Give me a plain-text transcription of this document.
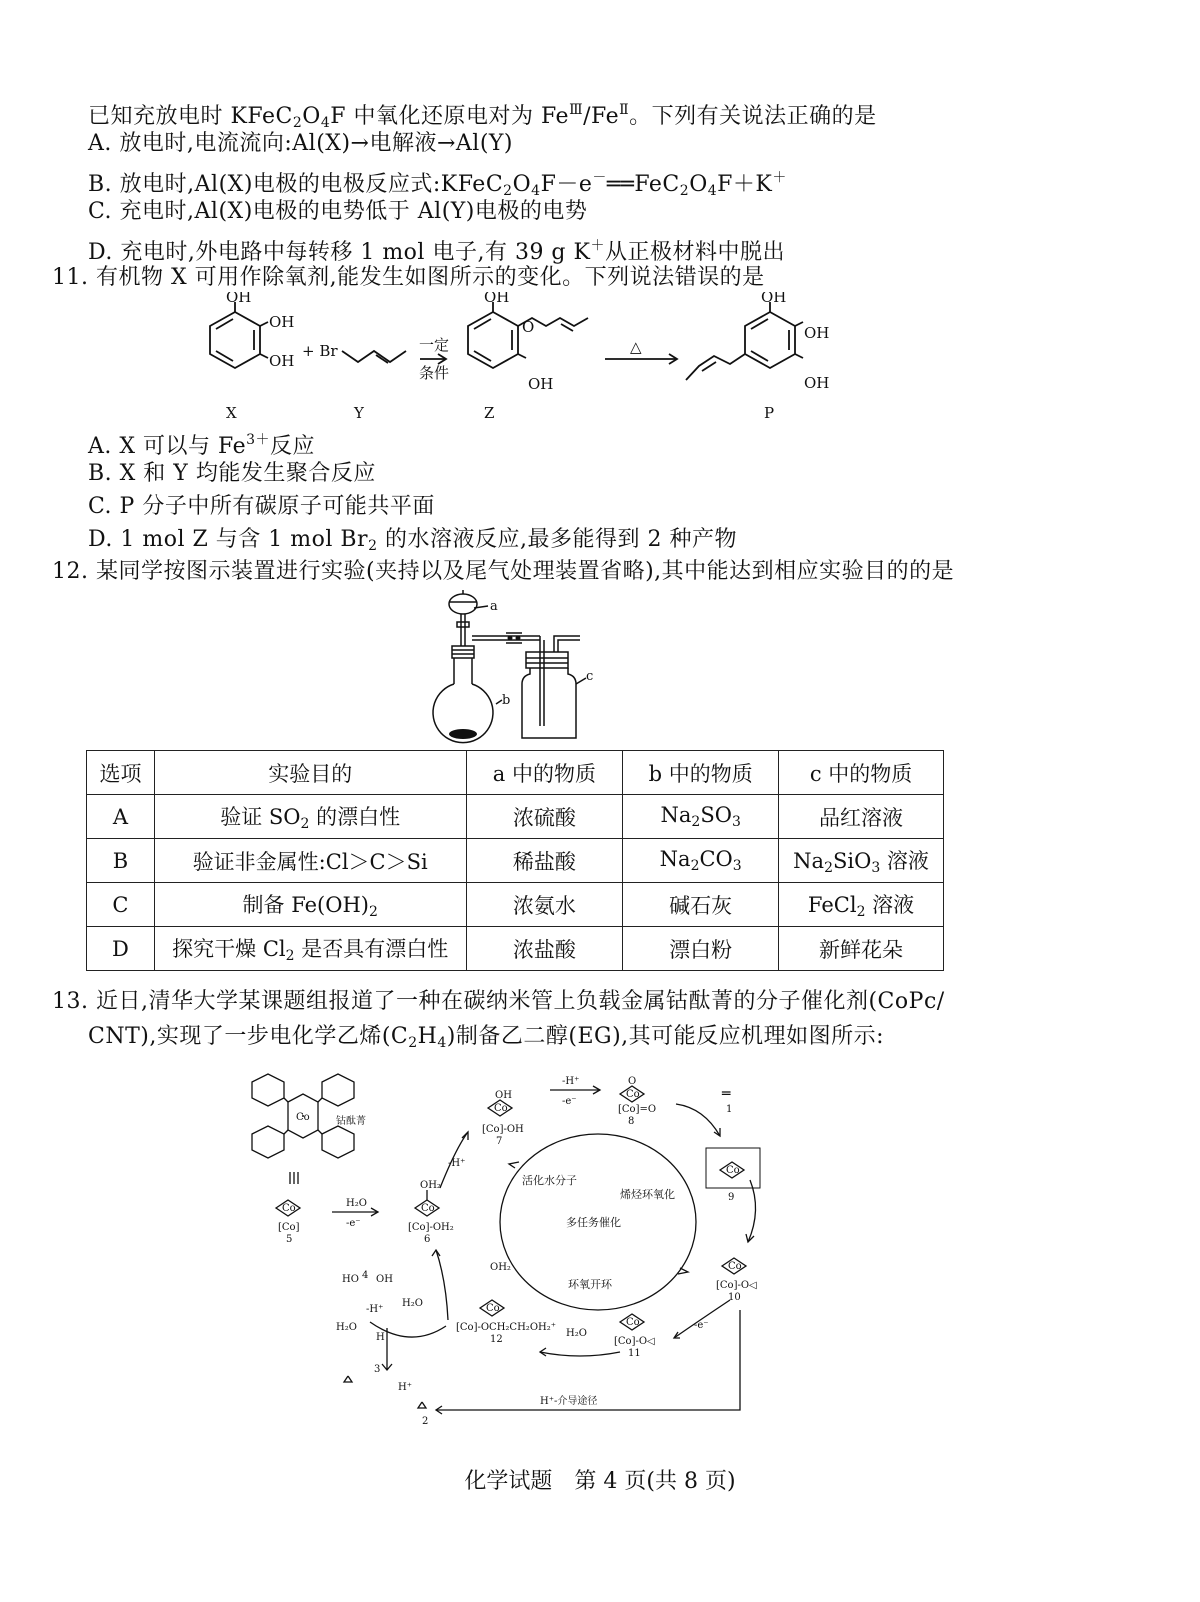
已知充放电时 $KFeC_2O_4F$ 中氧化还原电对为 $Fe^Ⅲ/Fe^Ⅱ$。下列有关说法正确的是
A. 放电时,电流流向:Al(X)→电解液→Al(Y)
B. 放电时,Al(X)电极的电极反应式$:KFeC_2O_4F-e^-══FeC_2O_4F+K^+$
C. 充电时,Al(X)电极的电势低于 Al(Y)电极的电势
D. 充电时,外电路中每转移 1 mol 电子,有 39 g K＋从正极材料中脱出
11. 有机物 X 可用作除氧剂,能发生如图所示的变化。下列说法错误的是
OH
OH
OH
+ Br	一定
条件
OH
O
OH
△
OH
OH
OH
X	Y	Z	P
A. X 可以与 $Fe^{3+}$反应
B. X 和 Y 均能发生聚合反应
C. P 分子中所有碳原子可能共平面
D. 1 mol Z 与含 1 mol $Br_2$ 的水溶液反应,最多能得到 2 种产物
12. 某同学按图示装置进行实验(夹持以及尾气处理装置省略),其中能达到相应实验目的的是
a
b
c
选项	实验目的	a 中的物质	b 中的物质	c 中的物质
A	验证 $SO_2$ 的漂白性	浓硫酸	$Na_2SO_3$	品红溶液
B	验证非金属性:Cl＞C＞Si	稀盐酸	$Na_2CO_3$	$Na_2SiO_3$ 溶液
C	制备 $Fe(OH)_2$	浓氨水	碱石灰	FeCl$_2$ 溶液
D	探究干燥 $Cl_2$ 是否具有漂白性	浓盐酸	漂白粉	新鲜花朵
13. 近日,清华大学某课题组报道了一种在碳纳米管上负载金属钴酞菁的分子催化剂(CoPc/
CNT),实现了一步电化学乙烯$(C_2H_4)$制备乙二醇(EG),其可能反应机理如图所示:
Co	钴酞菁
Co
[Co]
5
H₂O
-e⁻
OH₂
Co
[Co]-OH₂
6
-H⁺
OH
Co
[Co]-OH
7
-H⁺
-e⁻
O
Co
[Co]=O
8
═
1
Co
9
Co
[Co]-O◁
10
-e⁻
Co
[Co]-O◁
11
H₂O
Co
OH₂
[Co]-OCH₂CH₂OH₂⁺
12
H₂O
HO OH
4
-H⁺
H₂O
H
3
H⁺
2
H⁺-介导途径
活化水分子
烯烃环氧化
多任务催化
环氧开环
化学试题　第 4 页(共 8 页)
